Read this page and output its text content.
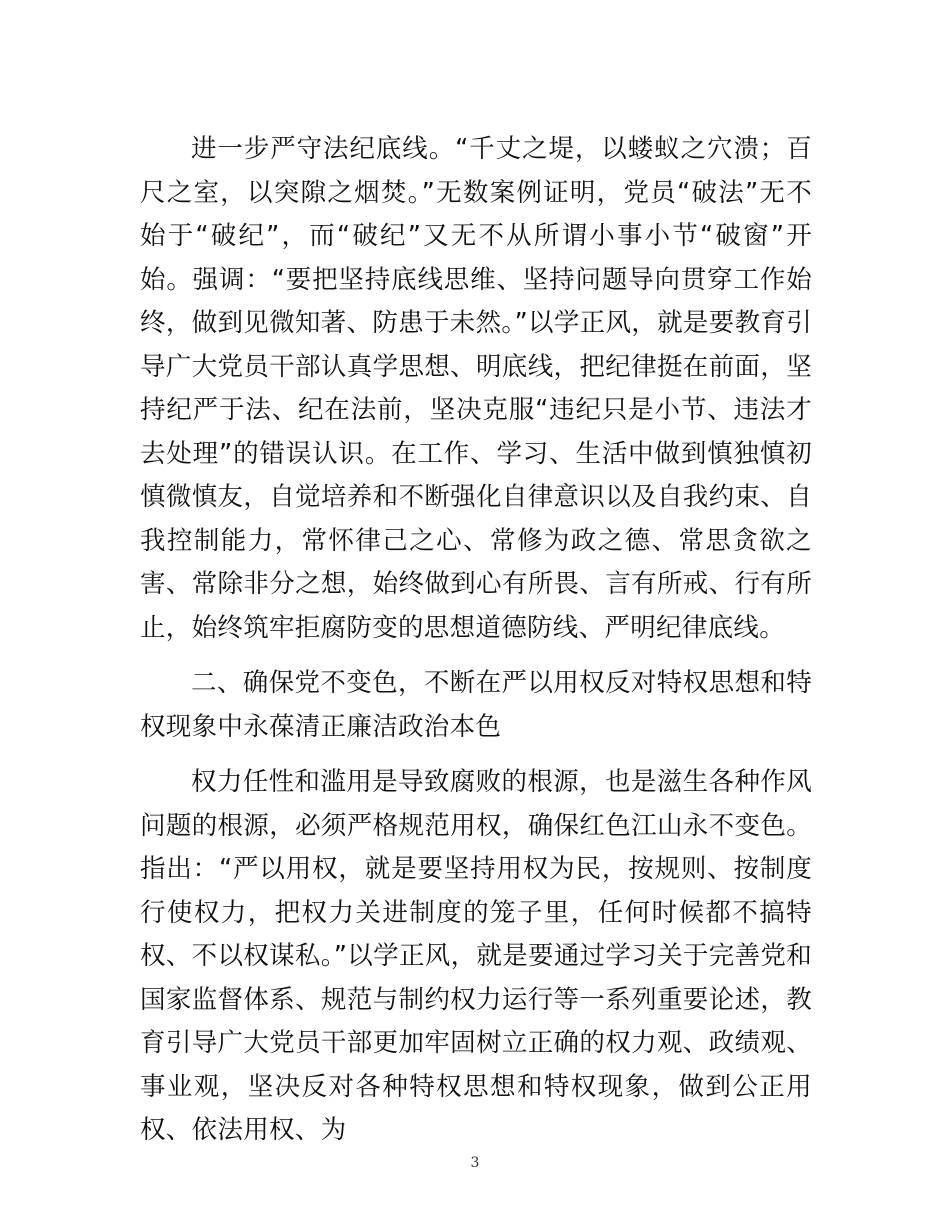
进一步严守法纪底线。“千丈之堤，以蝼蚁之穴溃；百尺之室，以突隙之烟焚。”无数案例证明，党员“破法”无不始于“破纪”，而“破纪”又无不从所谓小事小节“破窗”开始。强调：“要把坚持底线思维、坚持问题导向贯穿工作始终，做到见微知著、防患于未然。”以学正风，就是要教育引导广大党员干部认真学思想、明底线，把纪律挺在前面，坚持纪严于法、纪在法前，坚决克服“违纪只是小节、违法才去处理”的错误认识。在工作、学习、生活中做到慎独慎初慎微慎友，自觉培养和不断强化自律意识以及自我约束、自我控制能力，常怀律己之心、常修为政之德、常思贪欲之害、常除非分之想，始终做到心有所畏、言有所戒、行有所止，始终筑牢拒腐防变的思想道德防线、严明纪律底线。

二、确保党不变色，不断在严以用权反对特权思想和特权现象中永葆清正廉洁政治本色

权力任性和滥用是导致腐败的根源，也是滋生各种作风问题的根源，必须严格规范用权，确保红色江山永不变色。指出：“严以用权，就是要坚持用权为民，按规则、按制度行使权力，把权力关进制度的笼子里，任何时候都不搞特权、不以权谋私。”以学正风，就是要通过学习关于完善党和国家监督体系、规范与制约权力运行等一系列重要论述，教育引导广大党员干部更加牢固树立正确的权力观、政绩观、事业观，坚决反对各种特权思想和特权现象，做到公正用权、依法用权、为

3
